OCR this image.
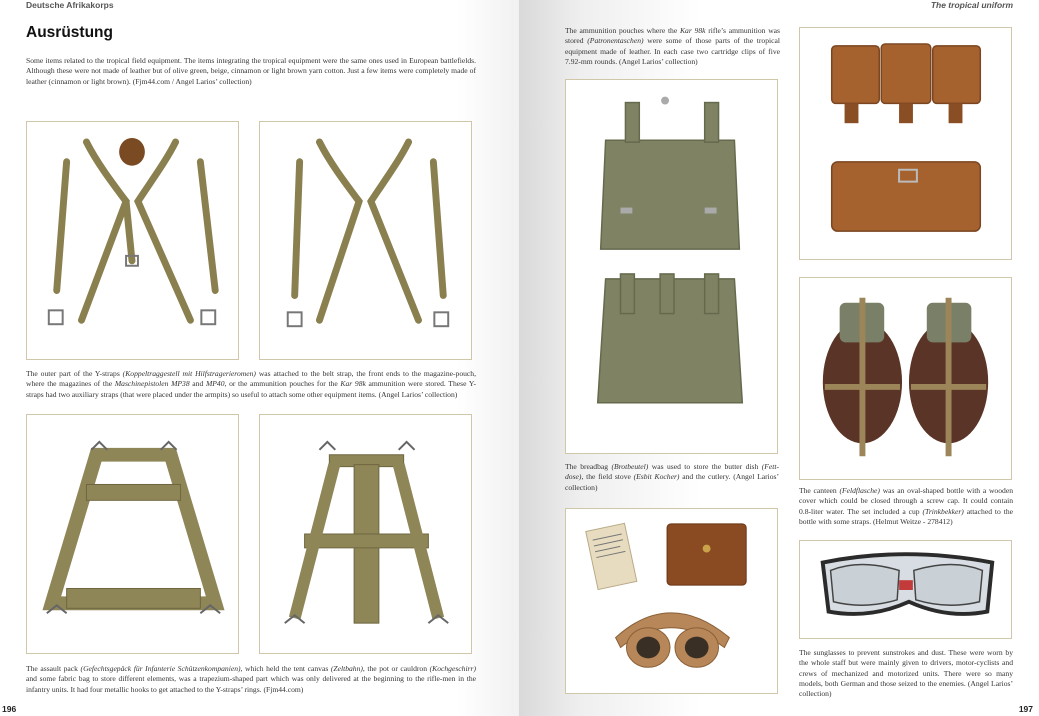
Deutsche Afrikakorps
Ausrüstung

Some items related to the tropical field equipment. The items integrating the tropical equipment were the same ones used in European battlefields. Although these were not made of leather but of olive green, beige, cinnamon or light brown yarn cotton. Just a few items were completely made of leather (cinnamon or light brown). (Fjm44.com / Angel Larios’ collection)

The outer part of the Y-straps (Koppeltraggestell mit Hilfstragerieromen) was attached to the belt strap, the front ends to the magazine-pouch, where the magazines of the Maschinepistolen MP38 and MP40, or the ammunition pouches for the Kar 98k ammunition were stored. These Y-straps had two auxiliary straps (that were placed under the armpits) so useful to attach some other equipment items. (Angel Larios’ collection)

The assault pack (Gefechtsgepäck für Infanterie Schützenkompanien), which held the tent canvas (Zeltbahn), the pot or cauldron (Kochgeschirr) and some fabric bag to store different elements, was a trapezium-shaped part which was only delivered at the beginning to the rifle-men in the infantry units. It had four metallic hooks to get attached to the Y-straps’ rings. (Fjm44.com)

196
The tropical uniform

The ammunition pouches where the Kar 98k rifle’s ammunition was stored (Patronentaschen) were some of those parts of the tropical equipment made of leather. In each case two cartridge clips of five 7.92-mm rounds. (Angel Larios’ collection)

The breadbag (Brotbeutel) was used to store the butter dish (Fett-dose), the field stove (Esbit Kocher) and the cutlery. (Angel Larios’ collection)	The canteen (Feldflasche) was an oval-shaped bottle with a wooden cover which could be closed through a screw cap. It could contain 0.8-liter water. The set included a cup (Trinkbekker) attached to the bottle with some straps. (Helmut Weitze - 278412)

The sunglasses to prevent sunstrokes and dust. These were worn by the whole staff but were mainly given to drivers, motor-cyclists and crews of mechanized and motorized units. There were so many models, both German and those seized to the enemies. (Angel Larios’ collection)

197
